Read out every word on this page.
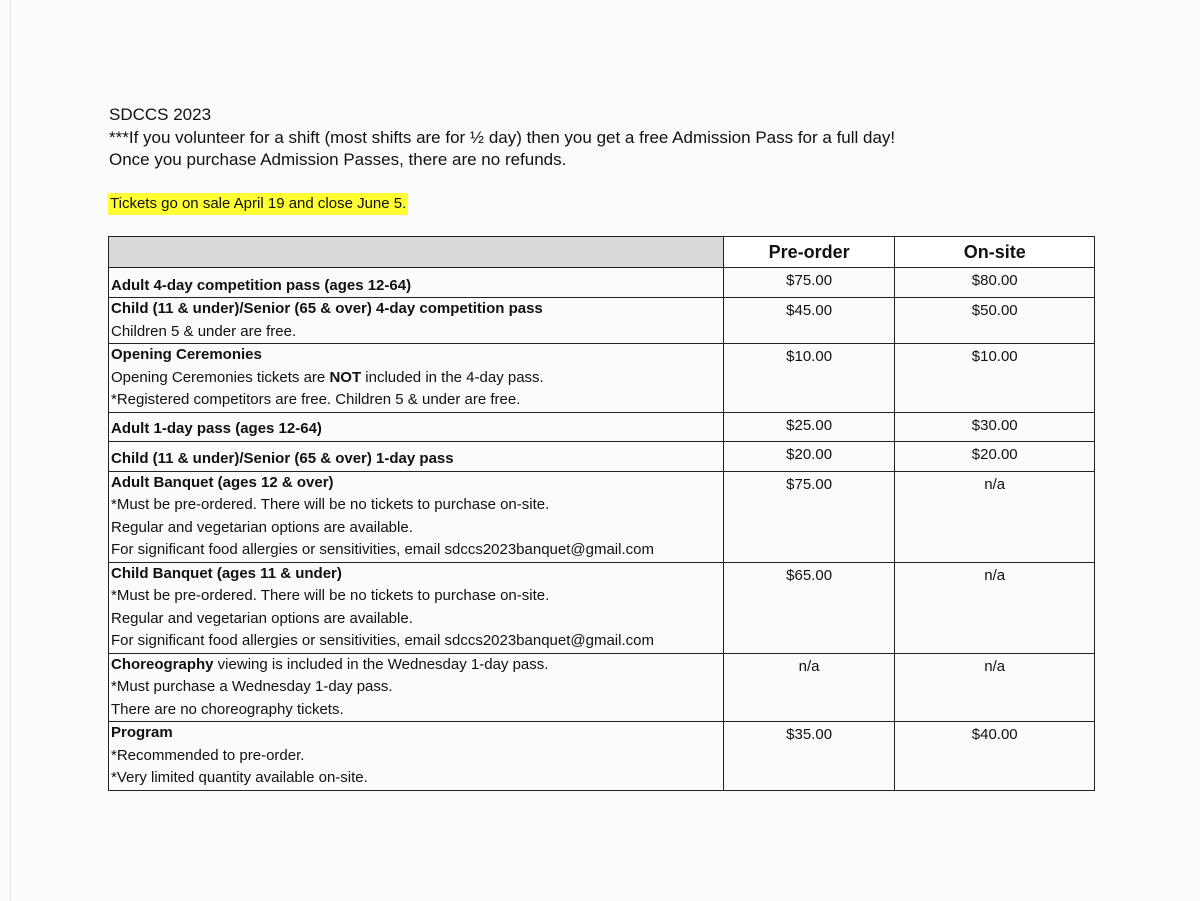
SDCCS 2023
***If you volunteer for a shift (most shifts are for ½ day) then you get a free Admission Pass for a full day!
Once you purchase Admission Passes, there are no refunds.
Tickets go on sale April 19 and close June 5.
	Pre-order	On-site

Adult 4-day competition pass (ages 12-64)	$75.00	$80.00

Child (11 & under)/Senior (65 & over) 4-day competition pass
Children 5 & under are free.	$45.00	$50.00

Opening Ceremonies
Opening Ceremonies tickets are NOT included in the 4-day pass.
*Registered competitors are free. Children 5 & under are free.	$10.00	$10.00

Adult 1-day pass (ages 12-64)	$25.00	$30.00

Child (11 & under)/Senior (65 & over) 1-day pass	$20.00	$20.00

Adult Banquet (ages 12 & over)
*Must be pre-ordered. There will be no tickets to purchase on-site.
Regular and vegetarian options are available.
For significant food allergies or sensitivities, email sdccs2023banquet@gmail.com	$75.00	n/a

Child Banquet (ages 11 & under)
*Must be pre-ordered. There will be no tickets to purchase on-site.
Regular and vegetarian options are available.
For significant food allergies or sensitivities, email sdccs2023banquet@gmail.com	$65.00	n/a

Choreography viewing is included in the Wednesday 1-day pass.
*Must purchase a Wednesday 1-day pass.
There are no choreography tickets.	n/a	n/a

Program
*Recommended to pre-order.
*Very limited quantity available on-site.	$35.00	$40.00
